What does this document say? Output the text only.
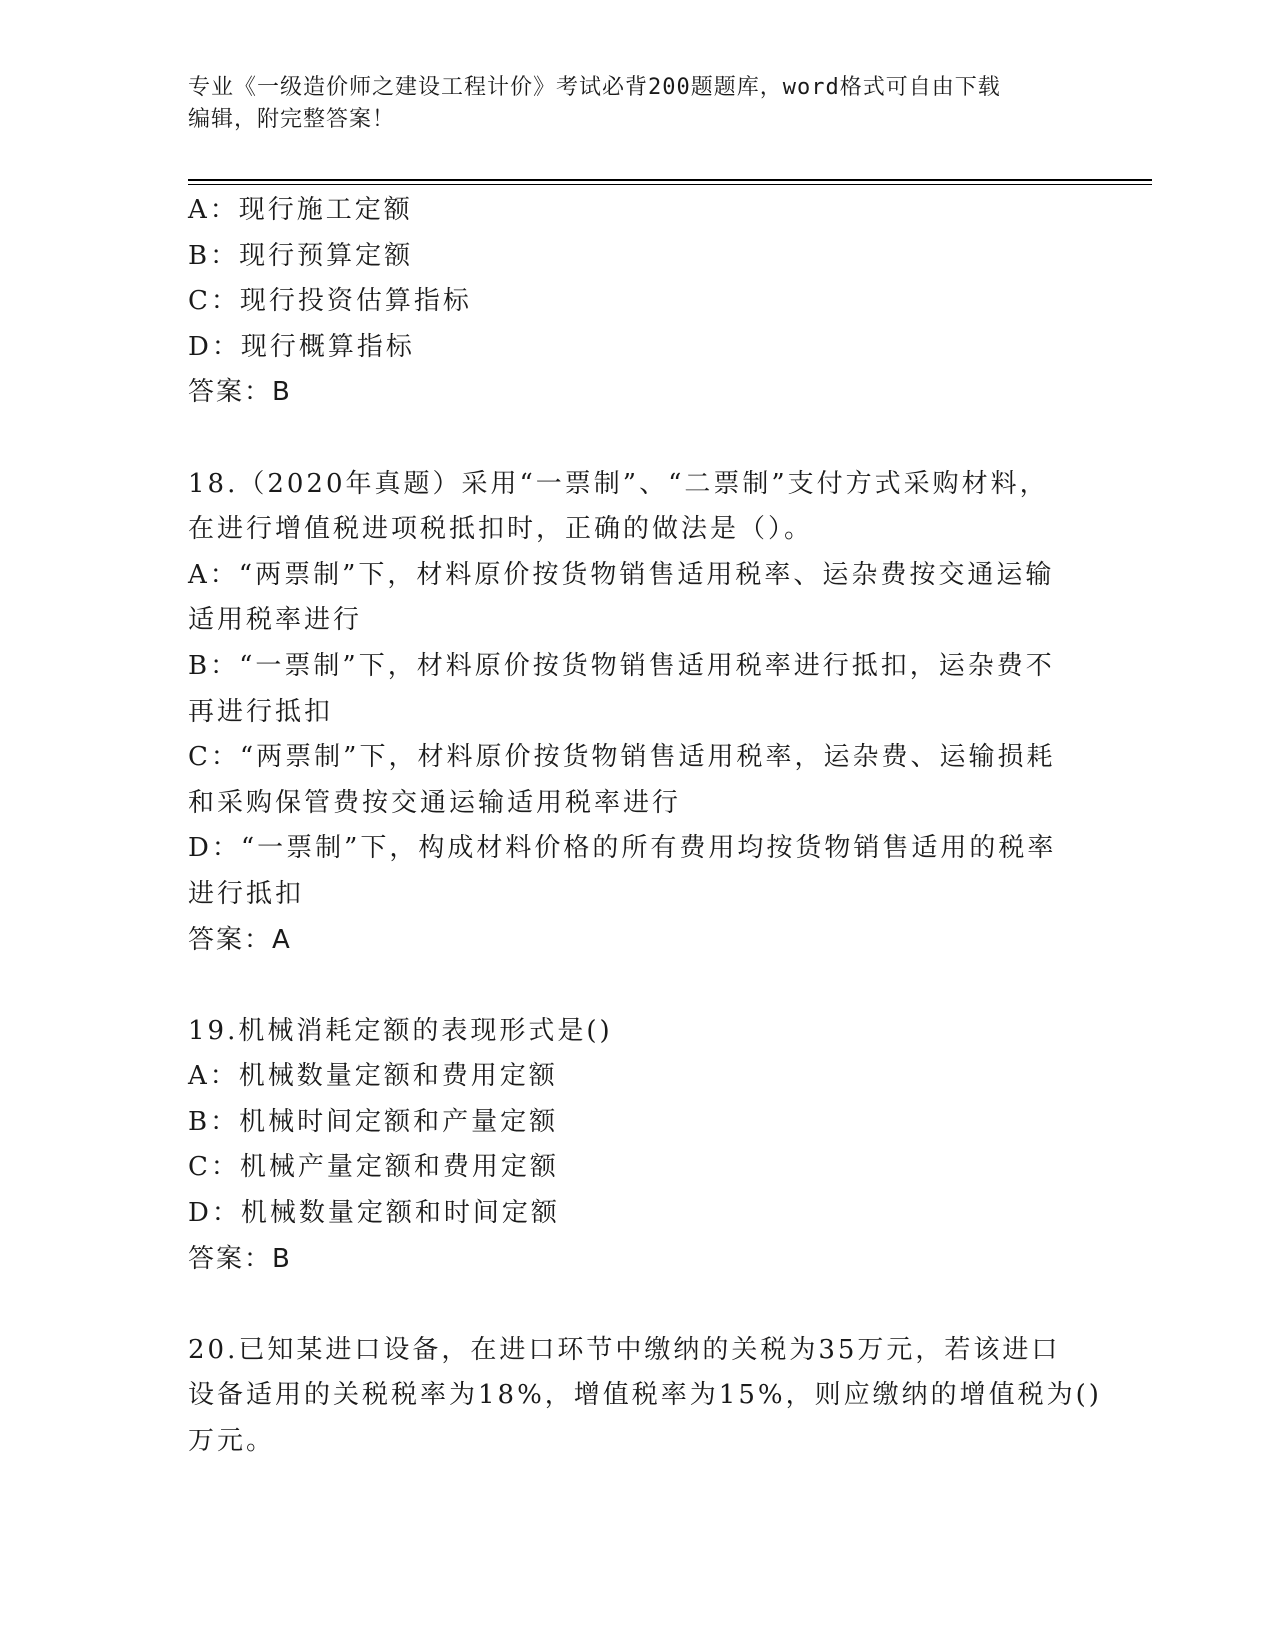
专业《一级造价师之建设工程计价》考试必背200题题库，word格式可自由下载
编辑，附完整答案！
A：现行施工定额
B：现行预算定额
C：现行投资估算指标
D：现行概算指标
答案：B
18.（2020年真题）采用“一票制”、“二票制”支付方式采购材料，
在进行增值税进项税抵扣时，正确的做法是（）。
A：“两票制”下，材料原价按货物销售适用税率、运杂费按交通运输
适用税率进行
B：“一票制”下，材料原价按货物销售适用税率进行抵扣，运杂费不
再进行抵扣
C：“两票制”下，材料原价按货物销售适用税率，运杂费、运输损耗
和采购保管费按交通运输适用税率进行
D：“一票制”下，构成材料价格的所有费用均按货物销售适用的税率
进行抵扣
答案：A
19.机械消耗定额的表现形式是()
A：机械数量定额和费用定额
B：机械时间定额和产量定额
C：机械产量定额和费用定额
D：机械数量定额和时间定额
答案：B
20.已知某进口设备，在进口环节中缴纳的关税为35万元，若该进口
设备适用的关税税率为18%，增值税率为15%，则应缴纳的增值税为()
万元。
